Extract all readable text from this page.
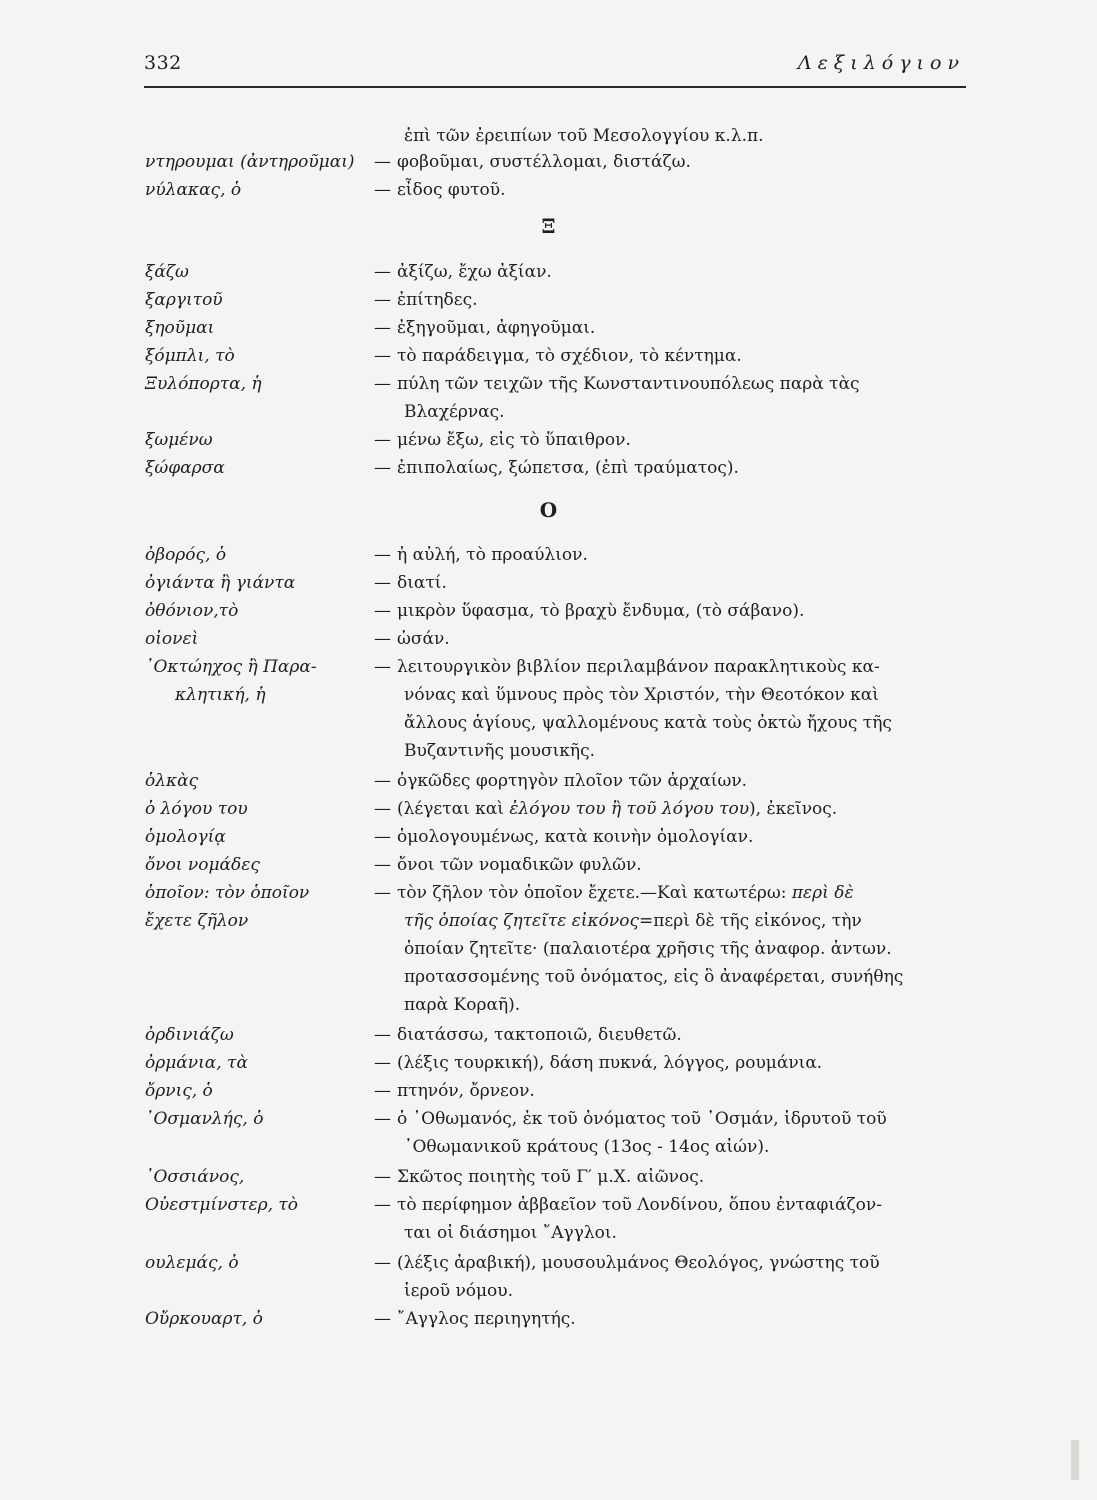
332	Λεξιλόγιον
ἐπὶ τῶν ἐρειπίων τοῦ Μεσολογγίου κ.λ.π.
ντηρουμαι (ἀντηροῦμαι) — φοβοῦμαι, συστέλλομαι, διστάζω.
νύλακας, ὁ	— εἶδος φυτοῦ.
Ξ
ξάζω	— ἀξίζω, ἔχω ἀξίαν.
ξαργιτοῦ	— ἐπίτηδες.
ξηοῦμαι	— ἐξηγοῦμαι, ἀφηγοῦμαι.
ξόμπλι, τὸ	— τὸ παράδειγμα, τὸ σχέδιον, τὸ κέντημα.
Ξυλόπορτα, ἡ	— πύλη τῶν τειχῶν τῆς Κωνσταντινουπόλεως παρὰ τὰς
Βλαχέρνας.
ξωμένω	— μένω ἔξω, εἰς τὸ ὕπαιθρον.
ξώφαρσα	— ἐπιπολαίως, ξώπετσα, (ἐπὶ τραύματος).
Ο
ὀβορός, ὁ	— ἡ αὐλή, τὸ προαύλιον.
ὀγιάντα ἢ γιάντα	— διατί.
ὀθόνιον,τὸ	— μικρὸν ὕφασμα, τὸ βραχὺ ἔνδυμα, (τὸ σάβανο).
οἱονεὶ	— ὡσάν.
᾿Οκτώηχος ἢ Παρα-
κλητική, ἡ
— λειτουργικὸν βιβλίον περιλαμβάνον παρακλητικοὺς κα-
νόνας καὶ ὕμνους πρὸς τὸν Χριστόν, τὴν Θεοτόκον καὶ
ἄλλους ἁγίους, ψαλλομένους κατὰ τοὺς ὀκτὼ ἤχους τῆς
Βυζαντινῆς μουσικῆς.
ὁλκὰς	— ὀγκῶδες φορτηγὸν πλοῖον τῶν ἀρχαίων.
ὁ λόγου του	— (λέγεται καὶ ἐλόγου του ἢ τοῦ λόγου του), ἐκεῖνος.
ὁμολογίᾳ	— ὁμολογουμένως, κατὰ κοινὴν ὁμολογίαν.
ὄνοι νομάδες	— ὄνοι τῶν νομαδικῶν φυλῶν.
ὁποῖον: τὸν ὁποῖον
ἔχετε ζῆλον
— τὸν ζῆλον τὸν ὁποῖον ἔχετε.—Καὶ κατωτέρω: περὶ δὲ
τῆς ὁποίας ζητεῖτε εἰκόνος=περὶ δὲ τῆς εἰκόνος, τὴν
ὁποίαν ζητεῖτε· (παλαιοτέρα χρῆσις τῆς ἀναφορ. ἀντων.
προτασσομένης τοῦ ὀνόματος, εἰς ὃ ἀναφέρεται, συνήθης
παρὰ Κοραῆ).
ὀρδινιάζω	— διατάσσω, τακτοποιῶ, διευθετῶ.
ὀρμάνια, τὰ	— (λέξις τουρκική), δάση πυκνά, λόγγος, ρουμάνια.
ὄρνις, ὁ	— πτηνόν, ὄρνεον.
᾿Οσμανλής, ὁ	— ὁ ᾿Οθωμανός, ἐκ τοῦ ὀνόματος τοῦ ᾿Οσμάν, ἱδρυτοῦ τοῦ
᾿Οθωμανικοῦ κράτους (13ος - 14ος αἰών).
᾿Οσσιάνος,	— Σκῶτος ποιητὴς τοῦ Γ′ μ.Χ. αἰῶνος.
Οὐεστμίνστερ, τὸ	— τὸ περίφημον ἀββαεῖον τοῦ Λονδίνου, ὅπου ἐνταφιάζον-
ται οἱ διάσημοι ῎Αγγλοι.
ουλεμάς, ὁ	— (λέξις ἀραβική), μουσουλμάνος Θεολόγος, γνώστης τοῦ
ἱεροῦ νόμου.
Οὔρκουαρτ, ὁ	— ῎Αγγλος περιηγητής.
